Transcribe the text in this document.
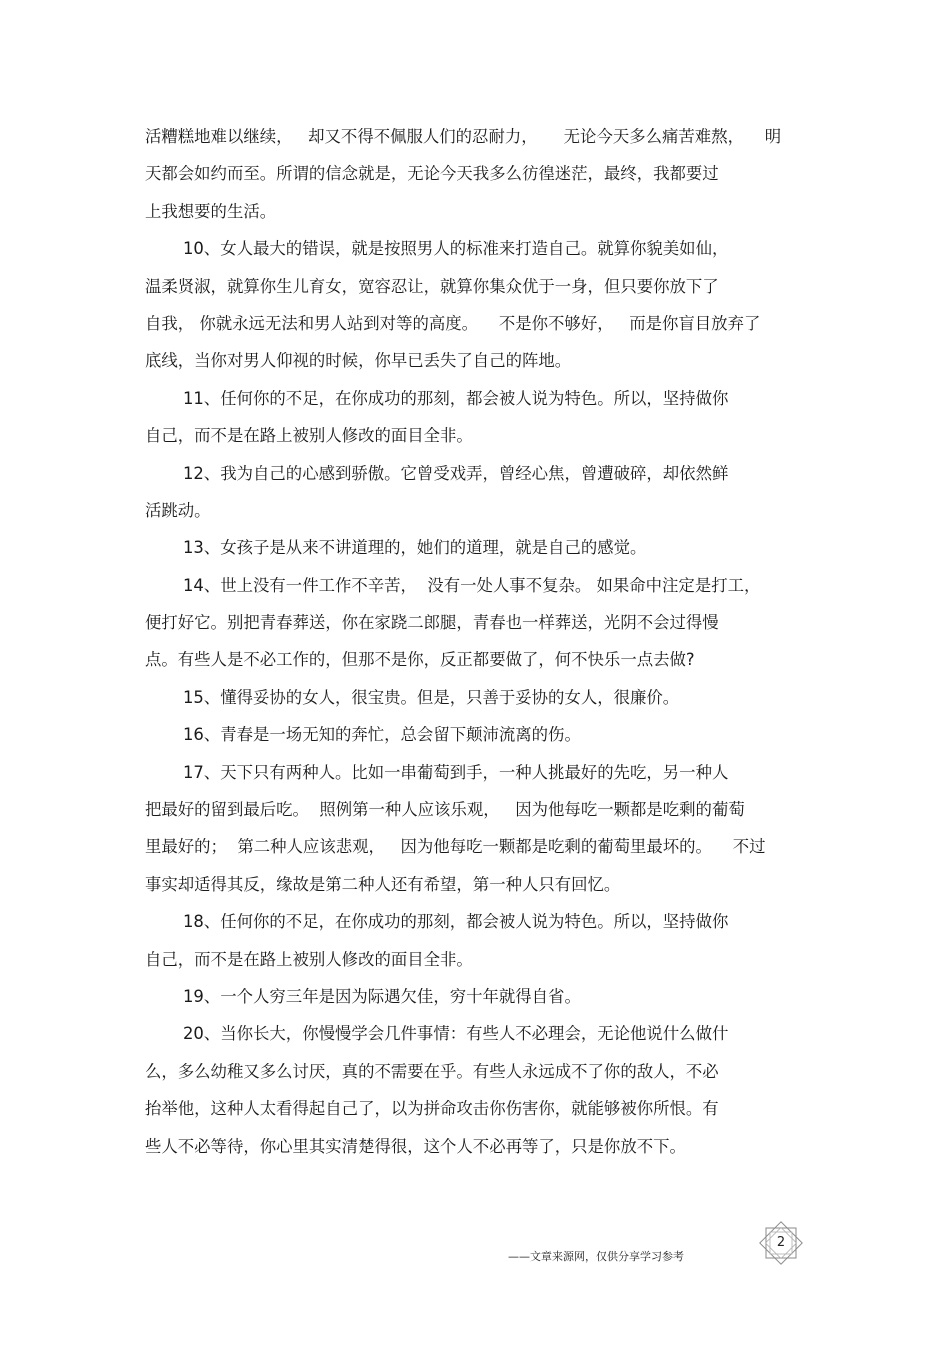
活糟糕地难以继续，   却又不得不佩服人们的忍耐力，     无论今天多么痛苦难熬，    明
天都会如约而至。所谓的信念就是，无论今天我多么彷徨迷茫，最终，我都要过
上我想要的生活。
10、女人最大的错误，就是按照男人的标准来打造自己。就算你貌美如仙，
温柔贤淑，就算你生儿育女，宽容忍让，就算你集众优于一身，但只要你放下了
自我， 你就永远无法和男人站到对等的高度。    不是你不够好，   而是你盲目放弃了
底线，当你对男人仰视的时候，你早已丢失了自己的阵地。
11、任何你的不足，在你成功的那刻，都会被人说为特色。所以，坚持做你
自己，而不是在路上被别人修改的面目全非。
12、我为自己的心感到骄傲。它曾受戏弄，曾经心焦，曾遭破碎，却依然鲜
活跳动。
13、女孩子是从来不讲道理的，她们的道理，就是自己的感觉。
14、世上没有一件工作不辛苦，  没有一处人事不复杂。 如果命中注定是打工，
便打好它。别把青春葬送，你在家跷二郎腿，青春也一样葬送，光阴不会过得慢
点。有些人是不必工作的，但那不是你，反正都要做了，何不快乐一点去做?
15、懂得妥协的女人，很宝贵。但是，只善于妥协的女人，很廉价。
16、青春是一场无知的奔忙，总会留下颠沛流离的伤。
17、天下只有两种人。比如一串葡萄到手，一种人挑最好的先吃，另一种人
把最好的留到最后吃。  照例第一种人应该乐观，   因为他每吃一颗都是吃剩的葡萄
里最好的；  第二种人应该悲观，   因为他每吃一颗都是吃剩的葡萄里最坏的。    不过
事实却适得其反，缘故是第二种人还有希望，第一种人只有回忆。
18、任何你的不足，在你成功的那刻，都会被人说为特色。所以，坚持做你
自己，而不是在路上被别人修改的面目全非。
19、一个人穷三年是因为际遇欠佳，穷十年就得自省。
20、当你长大，你慢慢学会几件事情：有些人不必理会，无论他说什么做什
么，多么幼稚又多么讨厌，真的不需要在乎。有些人永远成不了你的敌人，不必
抬举他，这种人太看得起自己了，以为拼命攻击你伤害你，就能够被你所恨。有
些人不必等待，你心里其实清楚得很，这个人不必再等了，只是你放不下。
——文章来源网，仅供分享学习参考
2
